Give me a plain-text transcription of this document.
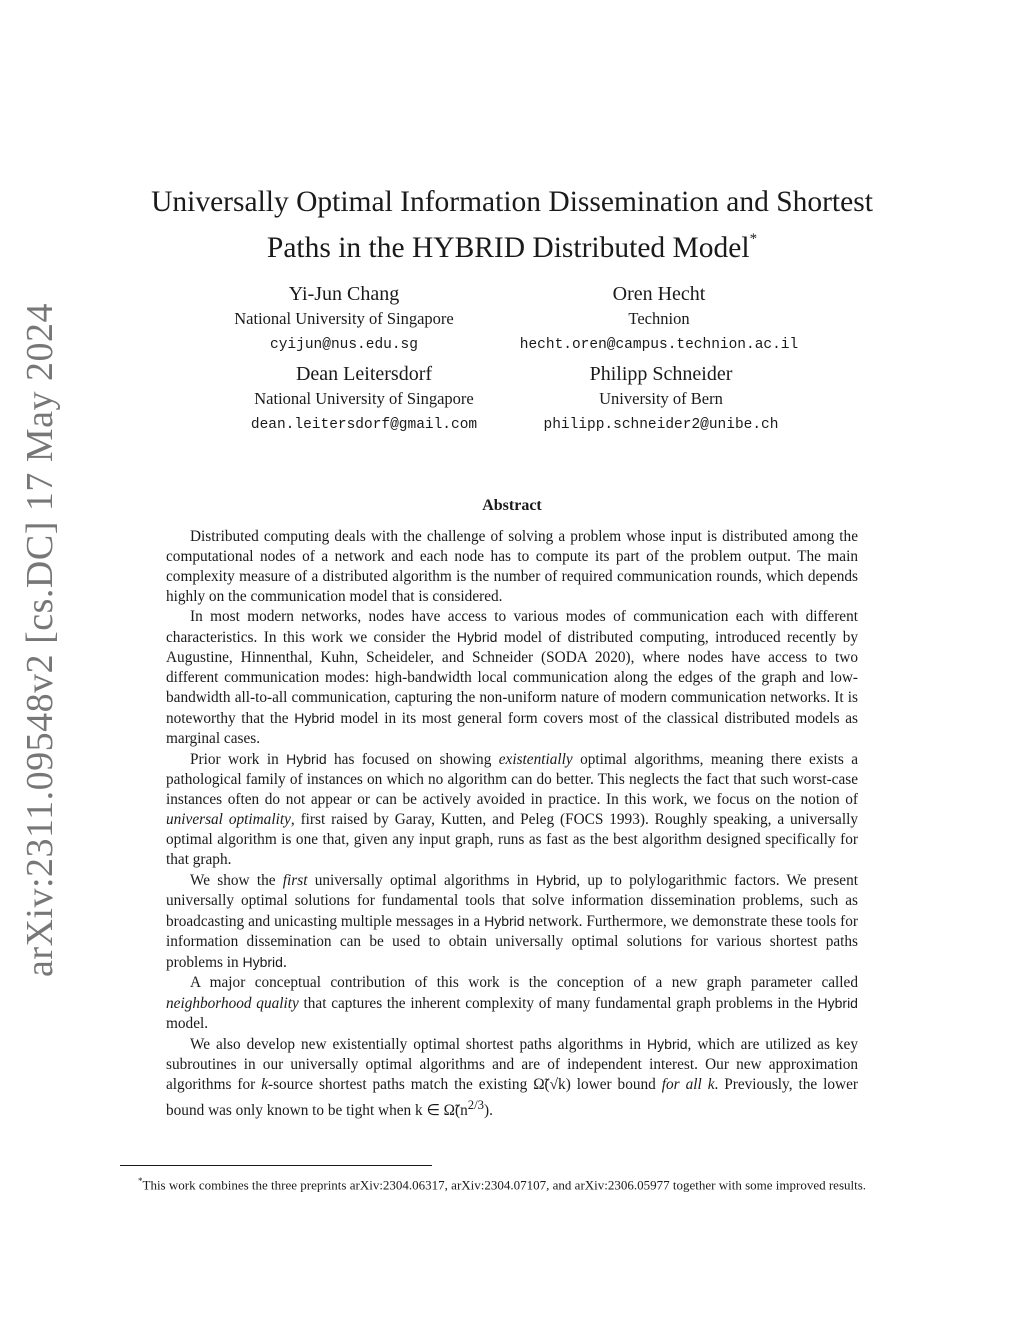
arXiv:2311.09548v2 [cs.DC] 17 May 2024
Universally Optimal Information Dissemination and Shortest Paths in the HYBRID Distributed Model*
Yi-Jun Chang
National University of Singapore
cyijun@nus.edu.sg
Oren Hecht
Technion
hecht.oren@campus.technion.ac.il
Dean Leitersdorf
National University of Singapore
dean.leitersdorf@gmail.com
Philipp Schneider
University of Bern
philipp.schneider2@unibe.ch
Abstract

Distributed computing deals with the challenge of solving a problem whose input is distributed among the computational nodes of a network and each node has to compute its part of the problem output. The main complexity measure of a distributed algorithm is the number of required communication rounds, which depends highly on the communication model that is considered.

In most modern networks, nodes have access to various modes of communication each with different characteristics. In this work we consider the Hybrid model of distributed computing, introduced recently by Augustine, Hinnenthal, Kuhn, Scheideler, and Schneider (SODA 2020), where nodes have access to two different communication modes: high-bandwidth local communication along the edges of the graph and low-bandwidth all-to-all communication, capturing the non-uniform nature of modern communication networks. It is noteworthy that the Hybrid model in its most general form covers most of the classical distributed models as marginal cases.

Prior work in Hybrid has focused on showing existentially optimal algorithms, meaning there exists a pathological family of instances on which no algorithm can do better. This neglects the fact that such worst-case instances often do not appear or can be actively avoided in practice. In this work, we focus on the notion of universal optimality, first raised by Garay, Kutten, and Peleg (FOCS 1993). Roughly speaking, a universally optimal algorithm is one that, given any input graph, runs as fast as the best algorithm designed specifically for that graph.

We show the first universally optimal algorithms in Hybrid, up to polylogarithmic factors. We present universally optimal solutions for fundamental tools that solve information dissemination problems, such as broadcasting and unicasting multiple messages in a Hybrid network. Furthermore, we demonstrate these tools for information dissemination can be used to obtain universally optimal solutions for various shortest paths problems in Hybrid.

A major conceptual contribution of this work is the conception of a new graph parameter called neighborhood quality that captures the inherent complexity of many fundamental graph problems in the Hybrid model.

We also develop new existentially optimal shortest paths algorithms in Hybrid, which are utilized as key subroutines in our universally optimal algorithms and are of independent interest. Our new approximation algorithms for k-source shortest paths match the existing Ω̃(√k) lower bound for all k. Previously, the lower bound was only known to be tight when k ∈ $\Omegã(n^{2/3})$.

*This work combines the three preprints arXiv:2304.06317, arXiv:2304.07107, and arXiv:2306.05977 together with some improved results.
